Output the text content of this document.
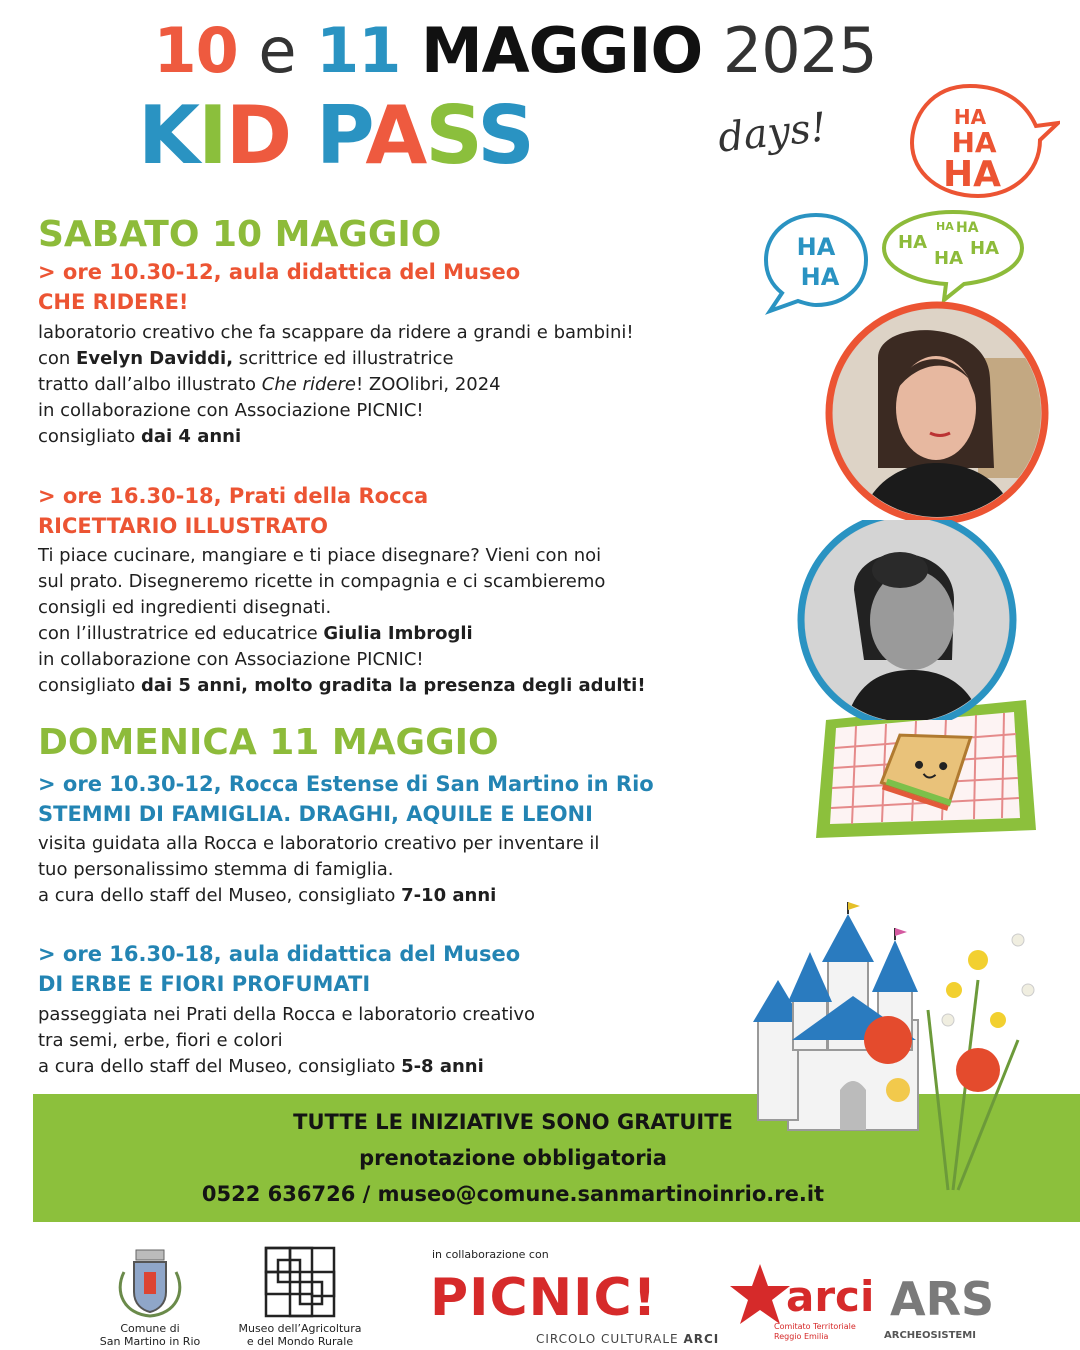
10 e 11 MAGGIO 2025
KID PASS	days!	HA
HA
HA
HA
HA
HA HA
HA
HA HA
SABATO 10 MAGGIO
> ore 10.30-12, aula didattica del Museo
CHE RIDERE!
laboratorio creativo che fa scappare da ridere a grandi e bambini!
con Evelyn Daviddi, scrittrice ed illustratrice
tratto dall’albo illustrato Che ridere! ZOOlibri, 2024
in collaborazione con Associazione PICNIC!
consigliato dai 4 anni
> ore 16.30-18, Prati della Rocca
RICETTARIO ILLUSTRATO
Ti piace cucinare, mangiare e ti piace disegnare? Vieni con noi
sul prato. Disegneremo ricette in compagnia e ci scambieremo
consigli ed ingredienti disegnati.
con l’illustratrice ed educatrice Giulia Imbrogli
in collaborazione con Associazione PICNIC!
consigliato dai 5 anni, molto gradita la presenza degli adulti!
DOMENICA 11 MAGGIO
> ore 10.30-12, Rocca Estense di San Martino in Rio
STEMMI DI FAMIGLIA. DRAGHI, AQUILE E LEONI
visita guidata alla Rocca e laboratorio creativo per inventare il
tuo personalissimo stemma di famiglia.
a cura dello staff del Museo, consigliato 7-10 anni
> ore 16.30-18, aula didattica del Museo
DI ERBE E FIORI PROFUMATI
passeggiata nei Prati della Rocca e laboratorio creativo
tra semi, erbe, fiori e colori
a cura dello staff del Museo, consigliato 5-8 anni
TUTTE LE INIZIATIVE SONO GRATUITE
prenotazione obbligatoria
0522 636726 / museo@comune.sanmartinoinrio.re.it
Comune di
San Martino in Rio
Museo dell’Agricoltura
e del Mondo Rurale
in collaborazione con
PICNIC!
CIRCOLO CULTURALE ARCI
arci
Comitato Territoriale
Reggio Emilia
ARS
ARCHEOSISTEMI
